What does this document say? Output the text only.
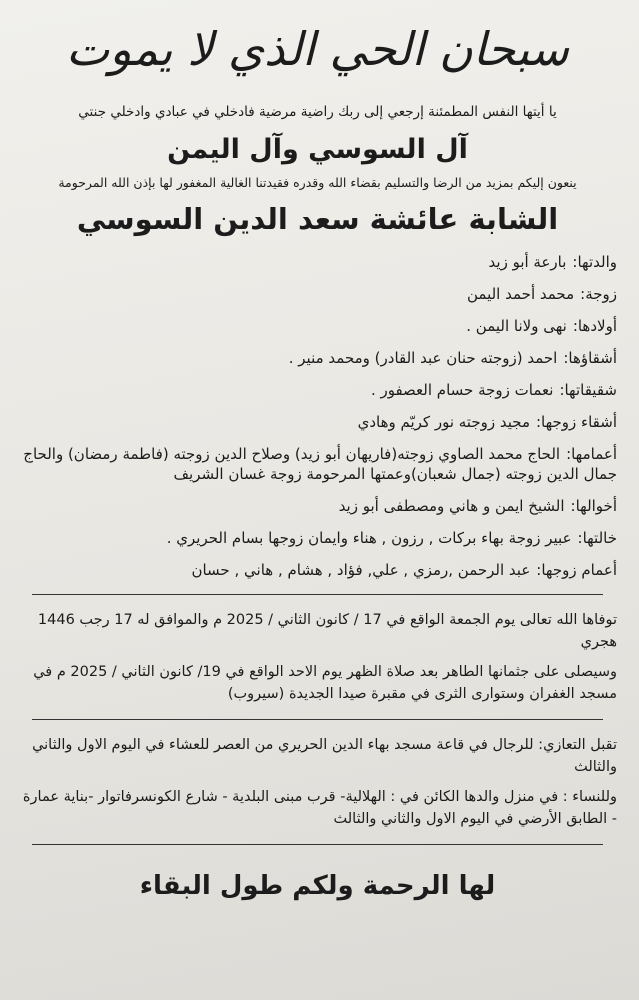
سبحان الحي الذي لا يموت
يا أيتها النفس المطمئنة إرجعي إلى ربك راضية مرضية فادخلي في عبادي وادخلي جنتي
آل السوسي وآل اليمن
ينعون إليكم بمزيد من الرضا والتسليم بقضاء الله وقدره فقيدتنا الغالية المغفور لها بإذن الله المرحومة
الشابة عائشة سعد الدين السوسي
والدتها:بارعة أبو زيد
زوجة:محمد أحمد اليمن
أولادها:نهى ولانا اليمن .
أشقاؤها:احمد (زوجته حنان عبد القادر) ومحمد منير .
شقيقاتها:نعمات زوجة حسام العصفور .
أشقاء زوجها:مجيد زوجته نور كريّم وهادي
أعمامها:الحاج محمد الصاوي زوجته(فاريهان أبو زيد) وصلاح الدين زوجته (فاطمة رمضان) والحاج جمال الدين زوجته (جمال شعبان)وعمتها المرحومة زوجة غسان الشريف
أخوالها:الشيخ ايمن و هاني ومصطفى أبو زيد
خالتها:عبير زوجة بهاء بركات , رزون , هناء وايمان زوجها بسام الحريري .
أعمام زوجها:عبد الرحمن ,رمزي , علي, فؤاد , هشام , هاني , حسان

توفاها الله تعالى يوم الجمعة الواقع في 17 / كانون الثاني / 2025 م والموافق له 17 رجب 1446 هجري

وسيصلى على جثمانها الطاهر بعد صلاة الظهر يوم الاحد الواقع في 19/ كانون الثاني / 2025 م في مسجد الغفران وستوارى الثرى في مقبرة صيدا الجديدة (سيروب)

تقبل التعازي: للرجال في قاعة مسجد بهاء الدين الحريري من العصر للعشاء في اليوم الاول والثاني والثالث

وللنساء : في منزل والدها الكائن في : الهلالية- قرب مبنى البلدية - شارع الكونسرفاتوار -بناية عمارة - الطابق الأرضي في اليوم الاول والثاني والثالث

لها الرحمة ولكم طول البقاء
